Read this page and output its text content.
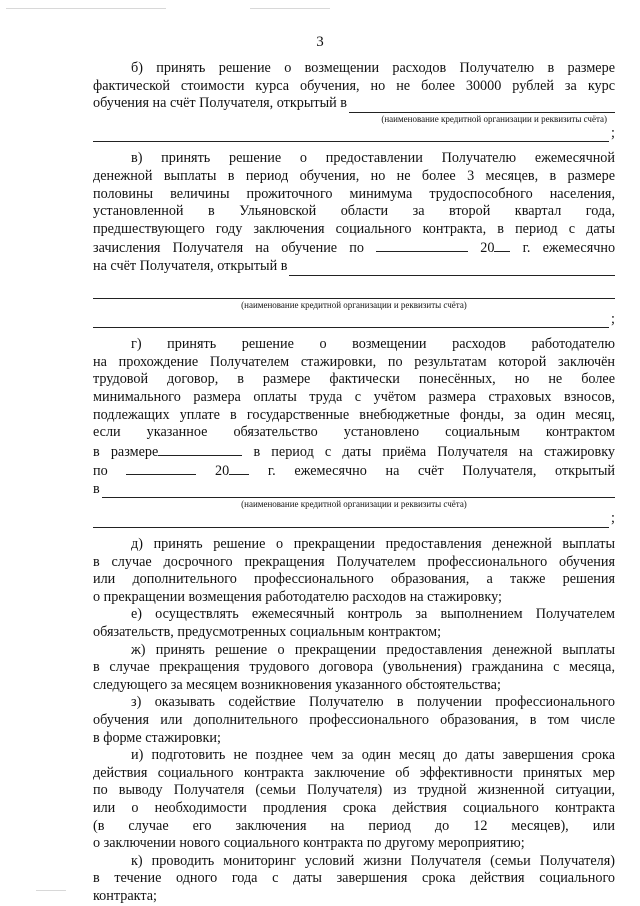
3
б) принять решение о возмещении расходов Получателю в размере
фактической стоимости курса обучения, но не более 30000 рублей за курс
обучения на счёт Получателя, открытый в
(наименование кредитной организации и реквизиты счёта)
;
в) принять решение о предоставлении Получателю ежемесячной
денежной выплаты в период обучения, но не более 3 месяцев, в размере
половины величины прожиточного минимума трудоспособного населения,
установленной в Ульяновской области за второй квартал года,
предшествующего году заключения социального контракта, в период с даты
зачисления Получателя на обучение по	20 г. ежемесячно
на счёт Получателя, открытый в
(наименование кредитной организации и реквизиты счёта)
;
г) принять решение о возмещении расходов работодателю
на прохождение Получателем стажировки, по результатам которой заключён
трудовой договор, в размере фактически понесённых, но не более
минимального размера оплаты труда с учётом размера страховых взносов,
подлежащих уплате в государственные внебюджетные фонды, за один месяц,
если указанное обязательство установлено социальным контрактом
в размере	в период с даты приёма Получателя на стажировку
по	20	г. ежемесячно на счёт Получателя, открытый
в
(наименование кредитной организации и реквизиты счёта)
;
д) принять решение о прекращении предоставления денежной выплаты
в случае досрочного прекращения Получателем профессионального обучения
или дополнительного профессионального образования, а также решения
о прекращении возмещения работодателю расходов на стажировку;
е) осуществлять ежемесячный контроль за выполнением Получателем
обязательств, предусмотренных социальным контрактом;
ж) принять решение о прекращении предоставления денежной выплаты
в случае прекращения трудового договора (увольнения) гражданина с месяца,
следующего за месяцем возникновения указанного обстоятельства;
з) оказывать содействие Получателю в получении профессионального
обучения или дополнительного профессионального образования, в том числе
в форме стажировки;
и) подготовить не позднее чем за один месяц до даты завершения срока
действия социального контракта заключение об эффективности принятых мер
по выводу Получателя (семьи Получателя) из трудной жизненной ситуации,
или о необходимости продления срока действия социального контракта
(в случае его заключения на период до 12 месяцев), или
о заключении нового социального контракта по другому мероприятию;
к) проводить мониторинг условий жизни Получателя (семьи Получателя)
в течение одного года с даты завершения срока действия социального
контракта;
